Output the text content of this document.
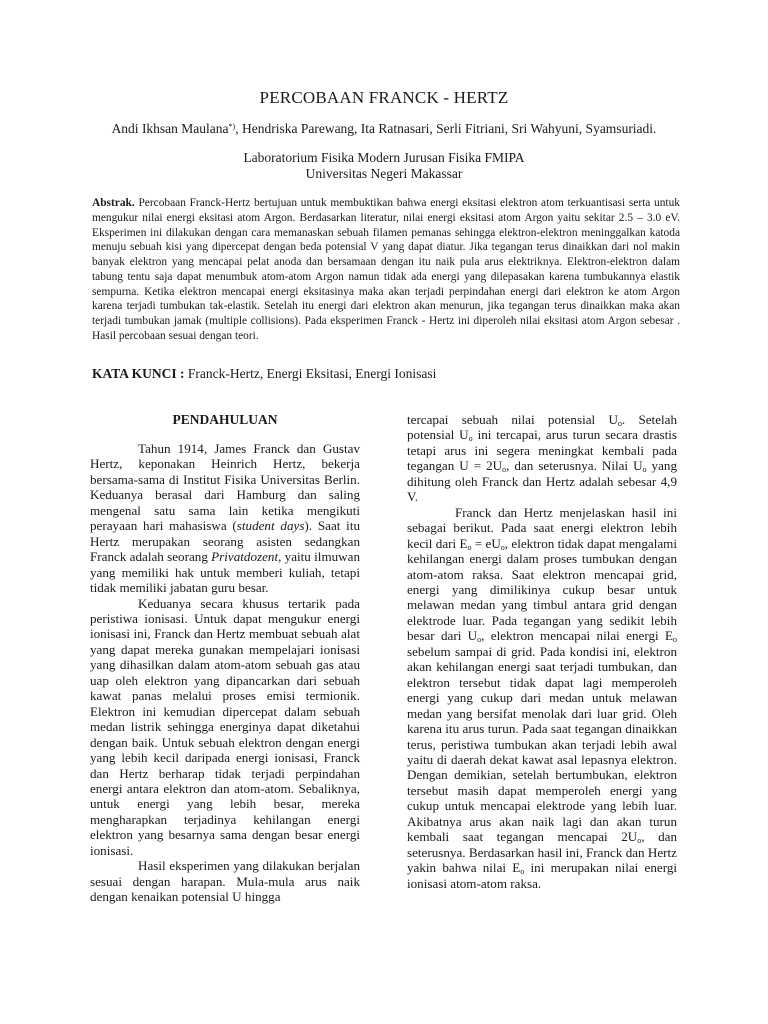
PERCOBAAN FRANCK - HERTZ
Andi Ikhsan Maulana*), Hendriska Parewang, Ita Ratnasari, Serli Fitriani, Sri Wahyuni, Syamsuriadi.
Laboratorium Fisika Modern Jurusan Fisika FMIPA
Universitas Negeri Makassar
Abstrak. Percobaan Franck-Hertz bertujuan untuk membuktikan bahwa energi eksitasi elektron atom terkuantisasi serta untuk mengukur nilai energi eksitasi atom Argon. Berdasarkan literatur, nilai energi eksitasi atom Argon yaitu sekitar 2.5 – 3.0 eV. Eksperimen ini dilakukan dengan cara memanaskan sebuah filamen pemanas sehingga elektron-elektron meninggalkan katoda menuju sebuah kisi yang dipercepat dengan beda potensial V yang dapat diatur. Jika tegangan terus dinaikkan dari nol makin banyak elektron yang mencapai pelat anoda dan bersamaan dengan itu naik pula arus elektriknya. Elektron-elektron dalam tabung tentu saja dapat menumbuk atom-atom Argon namun tidak ada energi yang dilepasakan karena tumbukannya elastik sempurna. Ketika elektron mencapai energi eksitasinya maka akan terjadi perpindahan energi dari elektron ke atom Argon karena terjadi tumbukan tak-elastik. Setelah itu energi dari elektron akan menurun, jika tegangan terus dinaikkan maka akan terjadi tumbukan jamak (multiple collisions). Pada eksperimen Franck - Hertz ini diperoleh nilai eksitasi atom Argon sebesar . Hasil percobaan sesuai dengan teori.
KATA KUNCI : Franck-Hertz, Energi Eksitasi, Energi Ionisasi
PENDAHULUAN

Tahun 1914, James Franck dan Gustav Hertz, keponakan Heinrich Hertz, bekerja bersama-sama di Institut Fisika Universitas Berlin. Keduanya berasal dari Hamburg dan saling mengenal satu sama lain ketika mengikuti perayaan hari mahasiswa (student days). Saat itu Hertz merupakan seorang asisten sedangkan Franck adalah seorang Privatdozent, yaitu ilmuwan yang memiliki hak untuk memberi kuliah, tetapi tidak memiliki jabatan guru besar.

Keduanya secara khusus tertarik pada peristiwa ionisasi. Untuk dapat mengukur energi ionisasi ini, Franck dan Hertz membuat sebuah alat yang dapat mereka gunakan mempelajari ionisasi yang dihasilkan dalam atom-atom sebuah gas atau uap oleh elektron yang dipancarkan dari sebuah kawat panas melalui proses emisi termionik. Elektron ini kemudian dipercepat dalam sebuah medan listrik sehingga energinya dapat diketahui dengan baik. Untuk sebuah elektron dengan energi yang lebih kecil daripada energi ionisasi, Franck dan Hertz berharap tidak terjadi perpindahan energi antara elektron dan atom-atom. Sebaliknya, untuk energi yang lebih besar, mereka mengharapkan terjadinya kehilangan energi elektron yang besarnya sama dengan besar energi ionisasi.

Hasil eksperimen yang dilakukan berjalan sesuai dengan harapan. Mula-mula arus naik dengan kenaikan potensial U hingga

tercapai sebuah nilai potensial $U_o$. Setelah potensial $U_o$ ini tercapai, arus turun secara drastis tetapi arus ini segera meningkat kembali pada tegangan $U = 2U_o$, dan seterusnya. Nilai $U_o$ yang dihitung oleh Franck dan Hertz adalah sebesar 4,9 V.

Franck dan Hertz menjelaskan hasil ini sebagai berikut. Pada saat energi elektron lebih kecil dari $E_o = eU_o$, elektron tidak dapat mengalami kehilangan energi dalam proses tumbukan dengan atom-atom raksa. Saat elektron mencapai grid, energi yang dimilikinya cukup besar untuk melawan medan yang timbul antara grid dengan elektrode luar. Pada tegangan yang sedikit lebih besar dari $U_o$, elektron mencapai nilai energi $E_o$ sebelum sampai di grid. Pada kondisi ini, elektron akan kehilangan energi saat terjadi tumbukan, dan elektron tersebut tidak dapat lagi memperoleh energi yang cukup dari medan untuk melawan medan yang bersifat menolak dari luar grid. Oleh karena itu arus turun. Pada saat tegangan dinaikkan terus, peristiwa tumbukan akan terjadi lebih awal yaitu di daerah dekat kawat asal lepasnya elektron. Dengan demikian, setelah bertumbukan, elektron tersebut masih dapat memperoleh energi yang cukup untuk mencapai elektrode yang lebih luar. Akibatnya arus akan naik lagi dan akan turun kembali saat tegangan mencapai $2U_o$, dan seterusnya. Berdasarkan hasil ini, Franck dan Hertz yakin bahwa nilai $E_o$ ini merupakan nilai energi ionisasi atom-atom raksa.
